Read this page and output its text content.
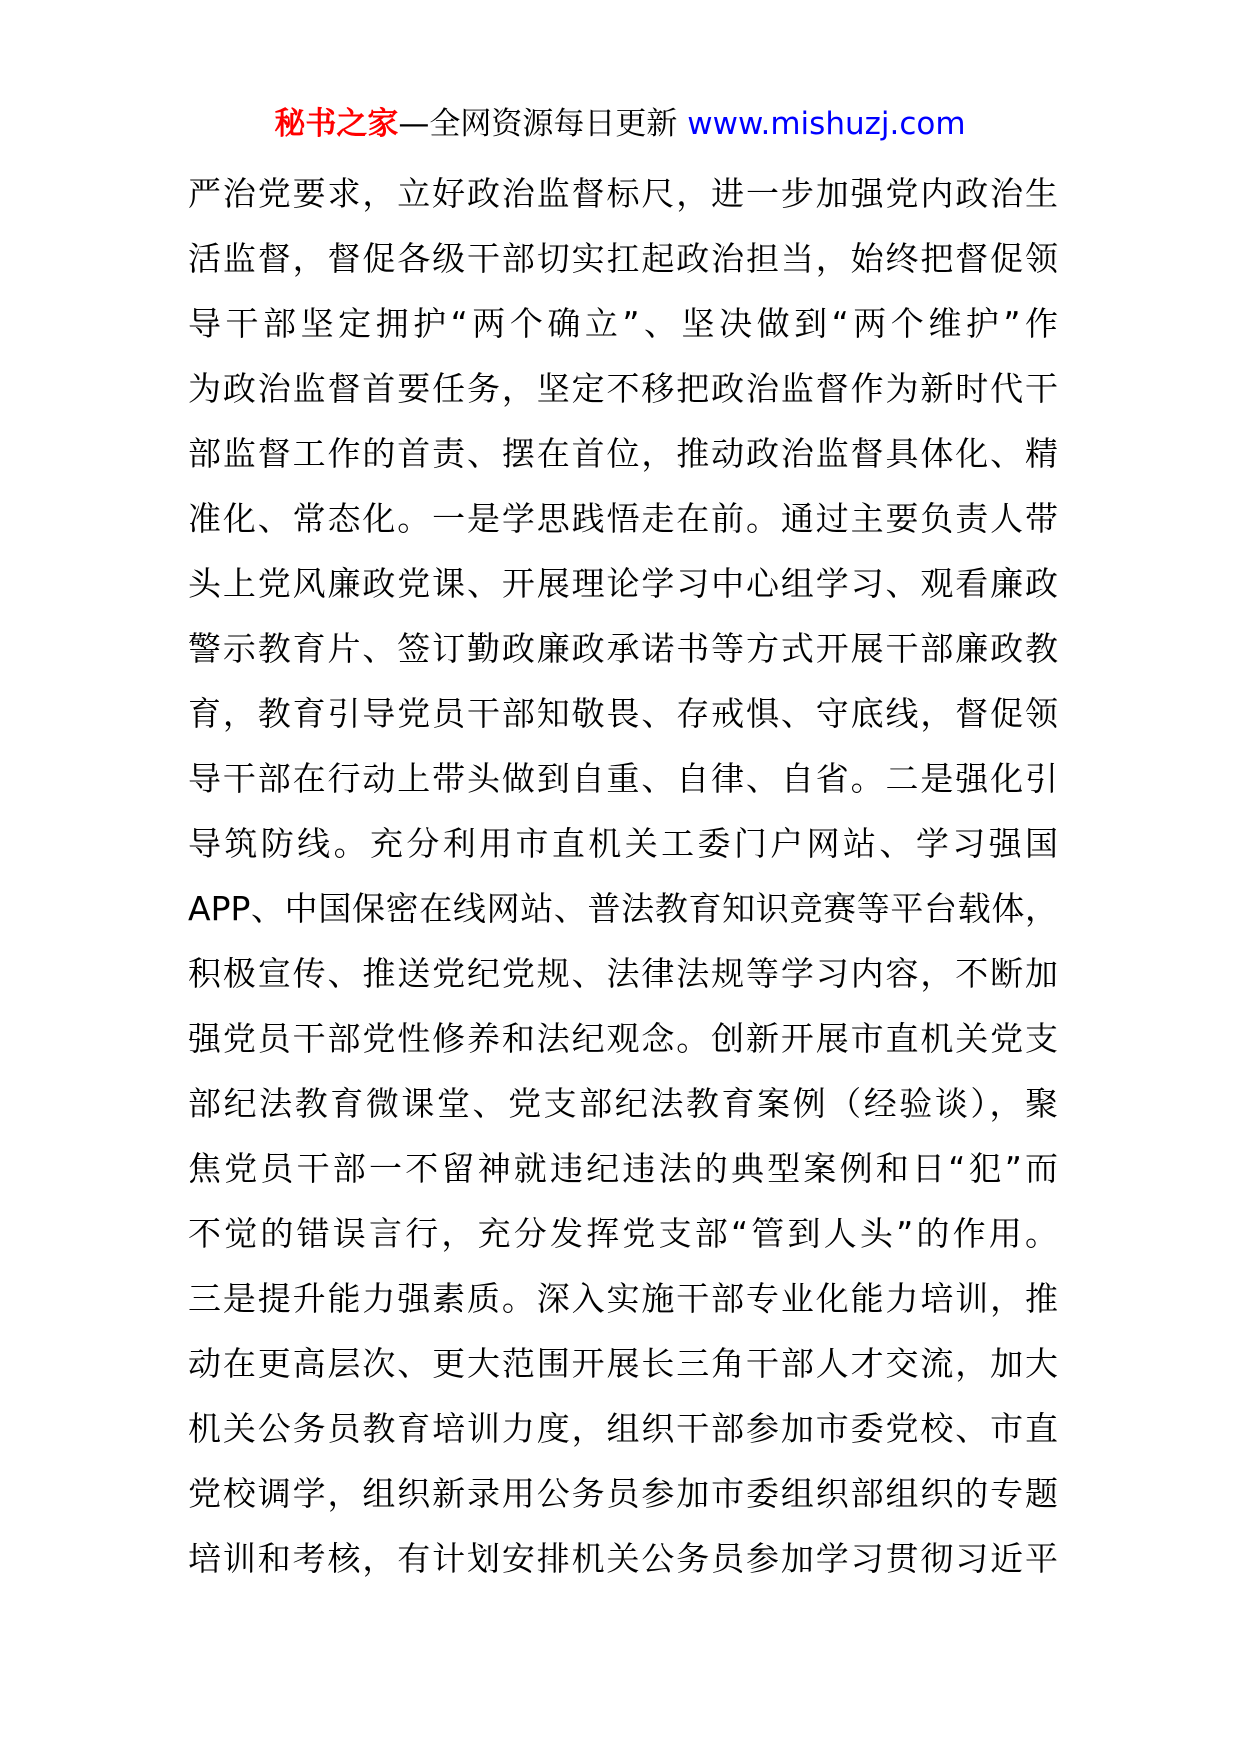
秘书之家—全网资源每日更新 www.mishuzj.com
严治党要求，立好政治监督标尺，进一步加强党内政治生
活监督，督促各级干部切实扛起政治担当，始终把督促领
导干部坚定拥护“两个确立”、坚决做到“两个维护”作
为政治监督首要任务，坚定不移把政治监督作为新时代干
部监督工作的首责、摆在首位，推动政治监督具体化、精
准化、常态化。一是学思践悟走在前。通过主要负责人带
头上党风廉政党课、开展理论学习中心组学习、观看廉政
警示教育片、签订勤政廉政承诺书等方式开展干部廉政教
育，教育引导党员干部知敬畏、存戒惧、守底线，督促领
导干部在行动上带头做到自重、自律、自省。二是强化引
导筑防线。充分利用市直机关工委门户网站、学习强国
APP、中国保密在线网站、普法教育知识竞赛等平台载体，
积极宣传、推送党纪党规、法律法规等学习内容，不断加
强党员干部党性修养和法纪观念。创新开展市直机关党支
部纪法教育微课堂、党支部纪法教育案例（经验谈），聚
焦党员干部一不留神就违纪违法的典型案例和日“犯”而
不觉的错误言行，充分发挥党支部“管到人头”的作用。
三是提升能力强素质。深入实施干部专业化能力培训，推
动在更高层次、更大范围开展长三角干部人才交流，加大
机关公务员教育培训力度，组织干部参加市委党校、市直
党校调学，组织新录用公务员参加市委组织部组织的专题
培训和考核，有计划安排机关公务员参加学习贯彻习近平
